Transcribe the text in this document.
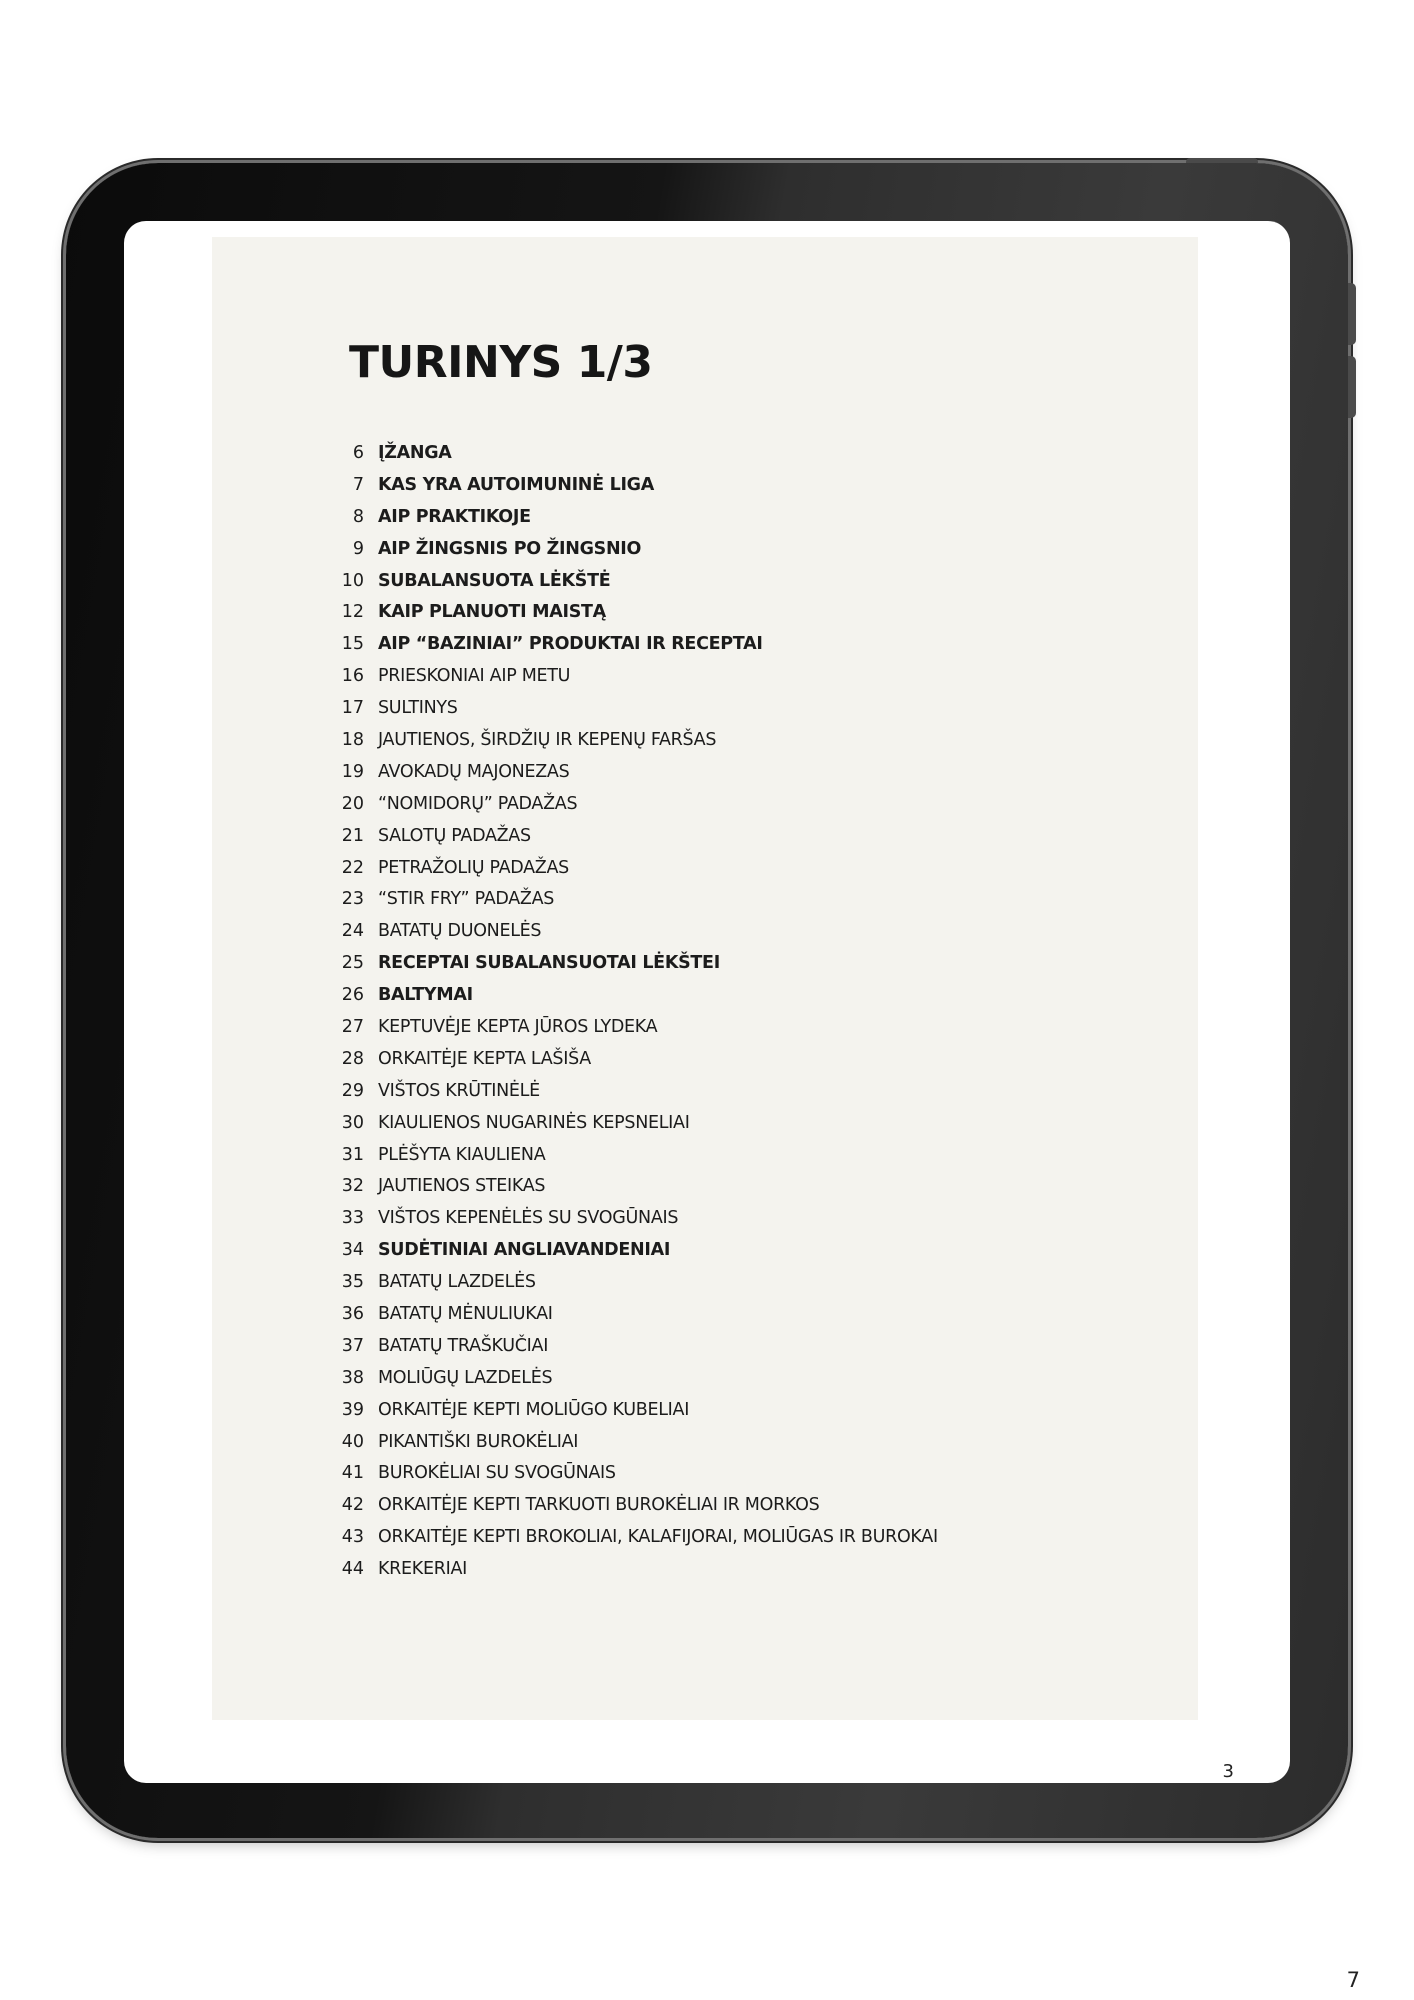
TURINYS 1/3
6 ĮŽANGA
7 KAS YRA AUTOIMUNINĖ LIGA
8 AIP PRAKTIKOJE
9 AIP ŽINGSNIS PO ŽINGSNIO
10 SUBALANSUOTA LĖKŠTĖ
12 KAIP PLANUOTI MAISTĄ
15 AIP “BAZINIAI” PRODUKTAI IR RECEPTAI
16 PRIESKONIAI AIP METU
17 SULTINYS
18 JAUTIENOS, ŠIRDŽIŲ IR KEPENŲ FARŠAS
19 AVOKADŲ MAJONEZAS
20 “NOMIDORŲ” PADAŽAS
21 SALOTŲ PADAŽAS
22 PETRAŽOLIŲ PADAŽAS
23 “STIR FRY” PADAŽAS
24 BATATŲ DUONELĖS
25 RECEPTAI SUBALANSUOTAI LĖKŠTEI
26 BALTYMAI
27 KEPTUVĖJE KEPTA JŪROS LYDEKA
28 ORKAITĖJE KEPTA LAŠIŠA
29 VIŠTOS KRŪTINĖLĖ
30 KIAULIENOS NUGARINĖS KEPSNELIAI
31 PLĖŠYTA KIAULIENA
32 JAUTIENOS STEIKAS
33 VIŠTOS KEPENĖLĖS SU SVOGŪNAIS
34 SUDĖTINIAI ANGLIAVANDENIAI
35 BATATŲ LAZDELĖS
36 BATATŲ MĖNULIUKAI
37 BATATŲ TRAŠKUČIAI
38 MOLIŪGŲ LAZDELĖS
39 ORKAITĖJE KEPTI MOLIŪGO KUBELIAI
40 PIKANTIŠKI BUROKĖLIAI
41 BUROKĖLIAI SU SVOGŪNAIS
42 ORKAITĖJE KEPTI TARKUOTI BUROKĖLIAI IR MORKOS
43 ORKAITĖJE KEPTI BROKOLIAI, KALAFIJORAI, MOLIŪGAS IR BUROKAI
44 KREKERIAI
3
7
